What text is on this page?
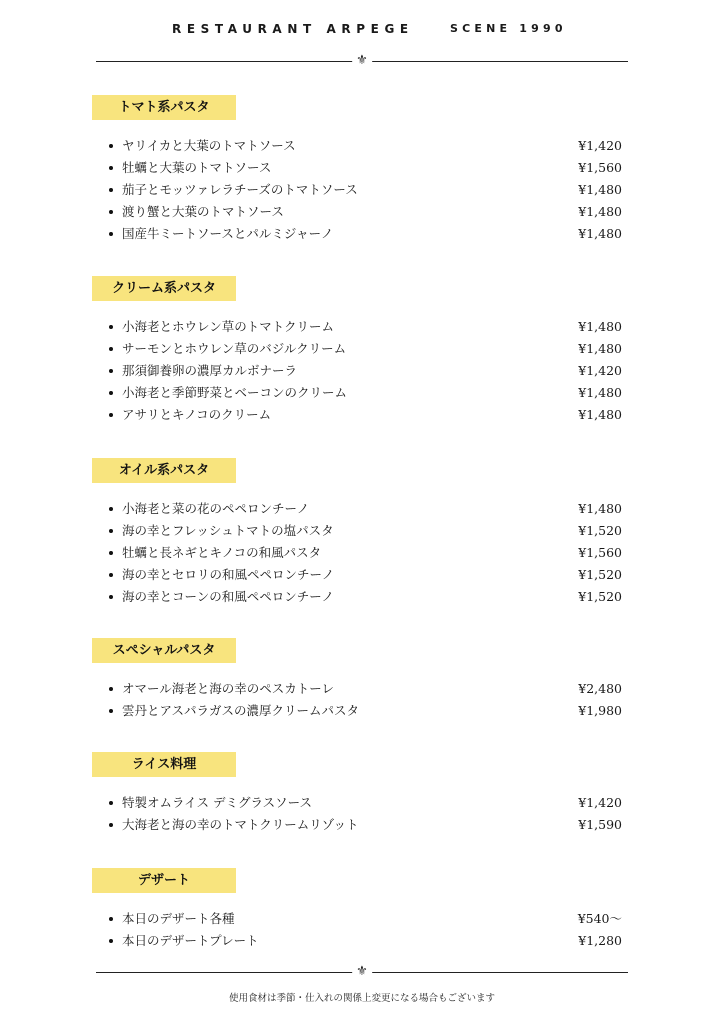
RESTAURANT ARPEGE	SCENE 1990
⚜
トマト系パスタ
ヤリイカと大葉のトマトソース	¥1,420
牡蠣と大葉のトマトソース	¥1,560
茄子とモッツァレラチーズのトマトソース	¥1,480
渡り蟹と大葉のトマトソース	¥1,480
国産牛ミートソースとパルミジャーノ	¥1,480
クリーム系パスタ
小海老とホウレン草のトマトクリーム	¥1,480
サーモンとホウレン草のバジルクリーム	¥1,480
那須御養卵の濃厚カルボナーラ	¥1,420
小海老と季節野菜とベーコンのクリーム	¥1,480
アサリとキノコのクリーム	¥1,480
オイル系パスタ
小海老と菜の花のペペロンチーノ	¥1,480
海の幸とフレッシュトマトの塩パスタ	¥1,520
牡蠣と長ネギとキノコの和風パスタ	¥1,560
海の幸とセロリの和風ペペロンチーノ	¥1,520
海の幸とコーンの和風ペペロンチーノ	¥1,520
スペシャルパスタ
オマール海老と海の幸のペスカトーレ	¥2,480
雲丹とアスパラガスの濃厚クリームパスタ	¥1,980
ライス料理
特製オムライス デミグラスソース	¥1,420
大海老と海の幸のトマトクリームリゾット	¥1,590
デザート
本日のデザート各種	¥540〜
本日のデザートプレート	¥1,280
⚜
使用食材は季節・仕入れの関係上変更になる場合もございます
